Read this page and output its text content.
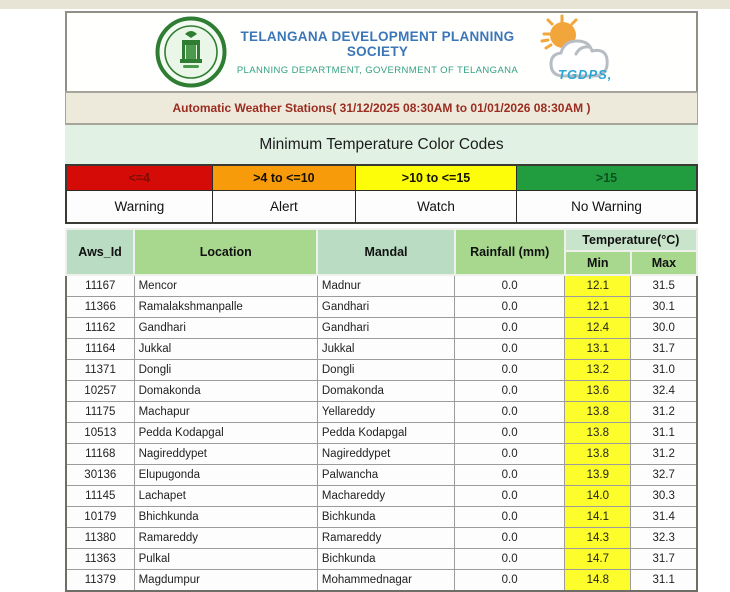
TELANGANA DEVELOPMENT PLANNING SOCIETY
PLANNING DEPARTMENT, GOVERNMENT OF TELANGANA	TGDPS,
Automatic Weather Stations( 31/12/2025 08:30AM to 01/01/2026 08:30AM )
Minimum Temperature Color Codes
<=4	>4 to <=10	>10 to <=15	>15
Warning	Alert	Watch	No Warning
Aws_Id	Location	Mandal	Rainfall (mm)	Temperature(°C)	
				Min	Max
11167	Mencor	Madnur	0.0	12.1	31.5
11366	Ramalakshmanpalle	Gandhari	0.0	12.1	30.1
11162	Gandhari	Gandhari	0.0	12.4	30.0
11164	Jukkal	Jukkal	0.0	13.1	31.7
11371	Dongli	Dongli	0.0	13.2	31.0
10257	Domakonda	Domakonda	0.0	13.6	32.4
11175	Machapur	Yellareddy	0.0	13.8	31.2
10513	Pedda Kodapgal	Pedda Kodapgal	0.0	13.8	31.1
11168	Nagireddypet	Nagireddypet	0.0	13.8	31.2
30136	Elupugonda	Palwancha	0.0	13.9	32.7
11145	Lachapet	Machareddy	0.0	14.0	30.3
10179	Bhichkunda	Bichkunda	0.0	14.1	31.4
11380	Ramareddy	Ramareddy	0.0	14.3	32.3
11363	Pulkal	Bichkunda	0.0	14.7	31.7
11379	Magdumpur	Mohammednagar	0.0	14.8	31.1
